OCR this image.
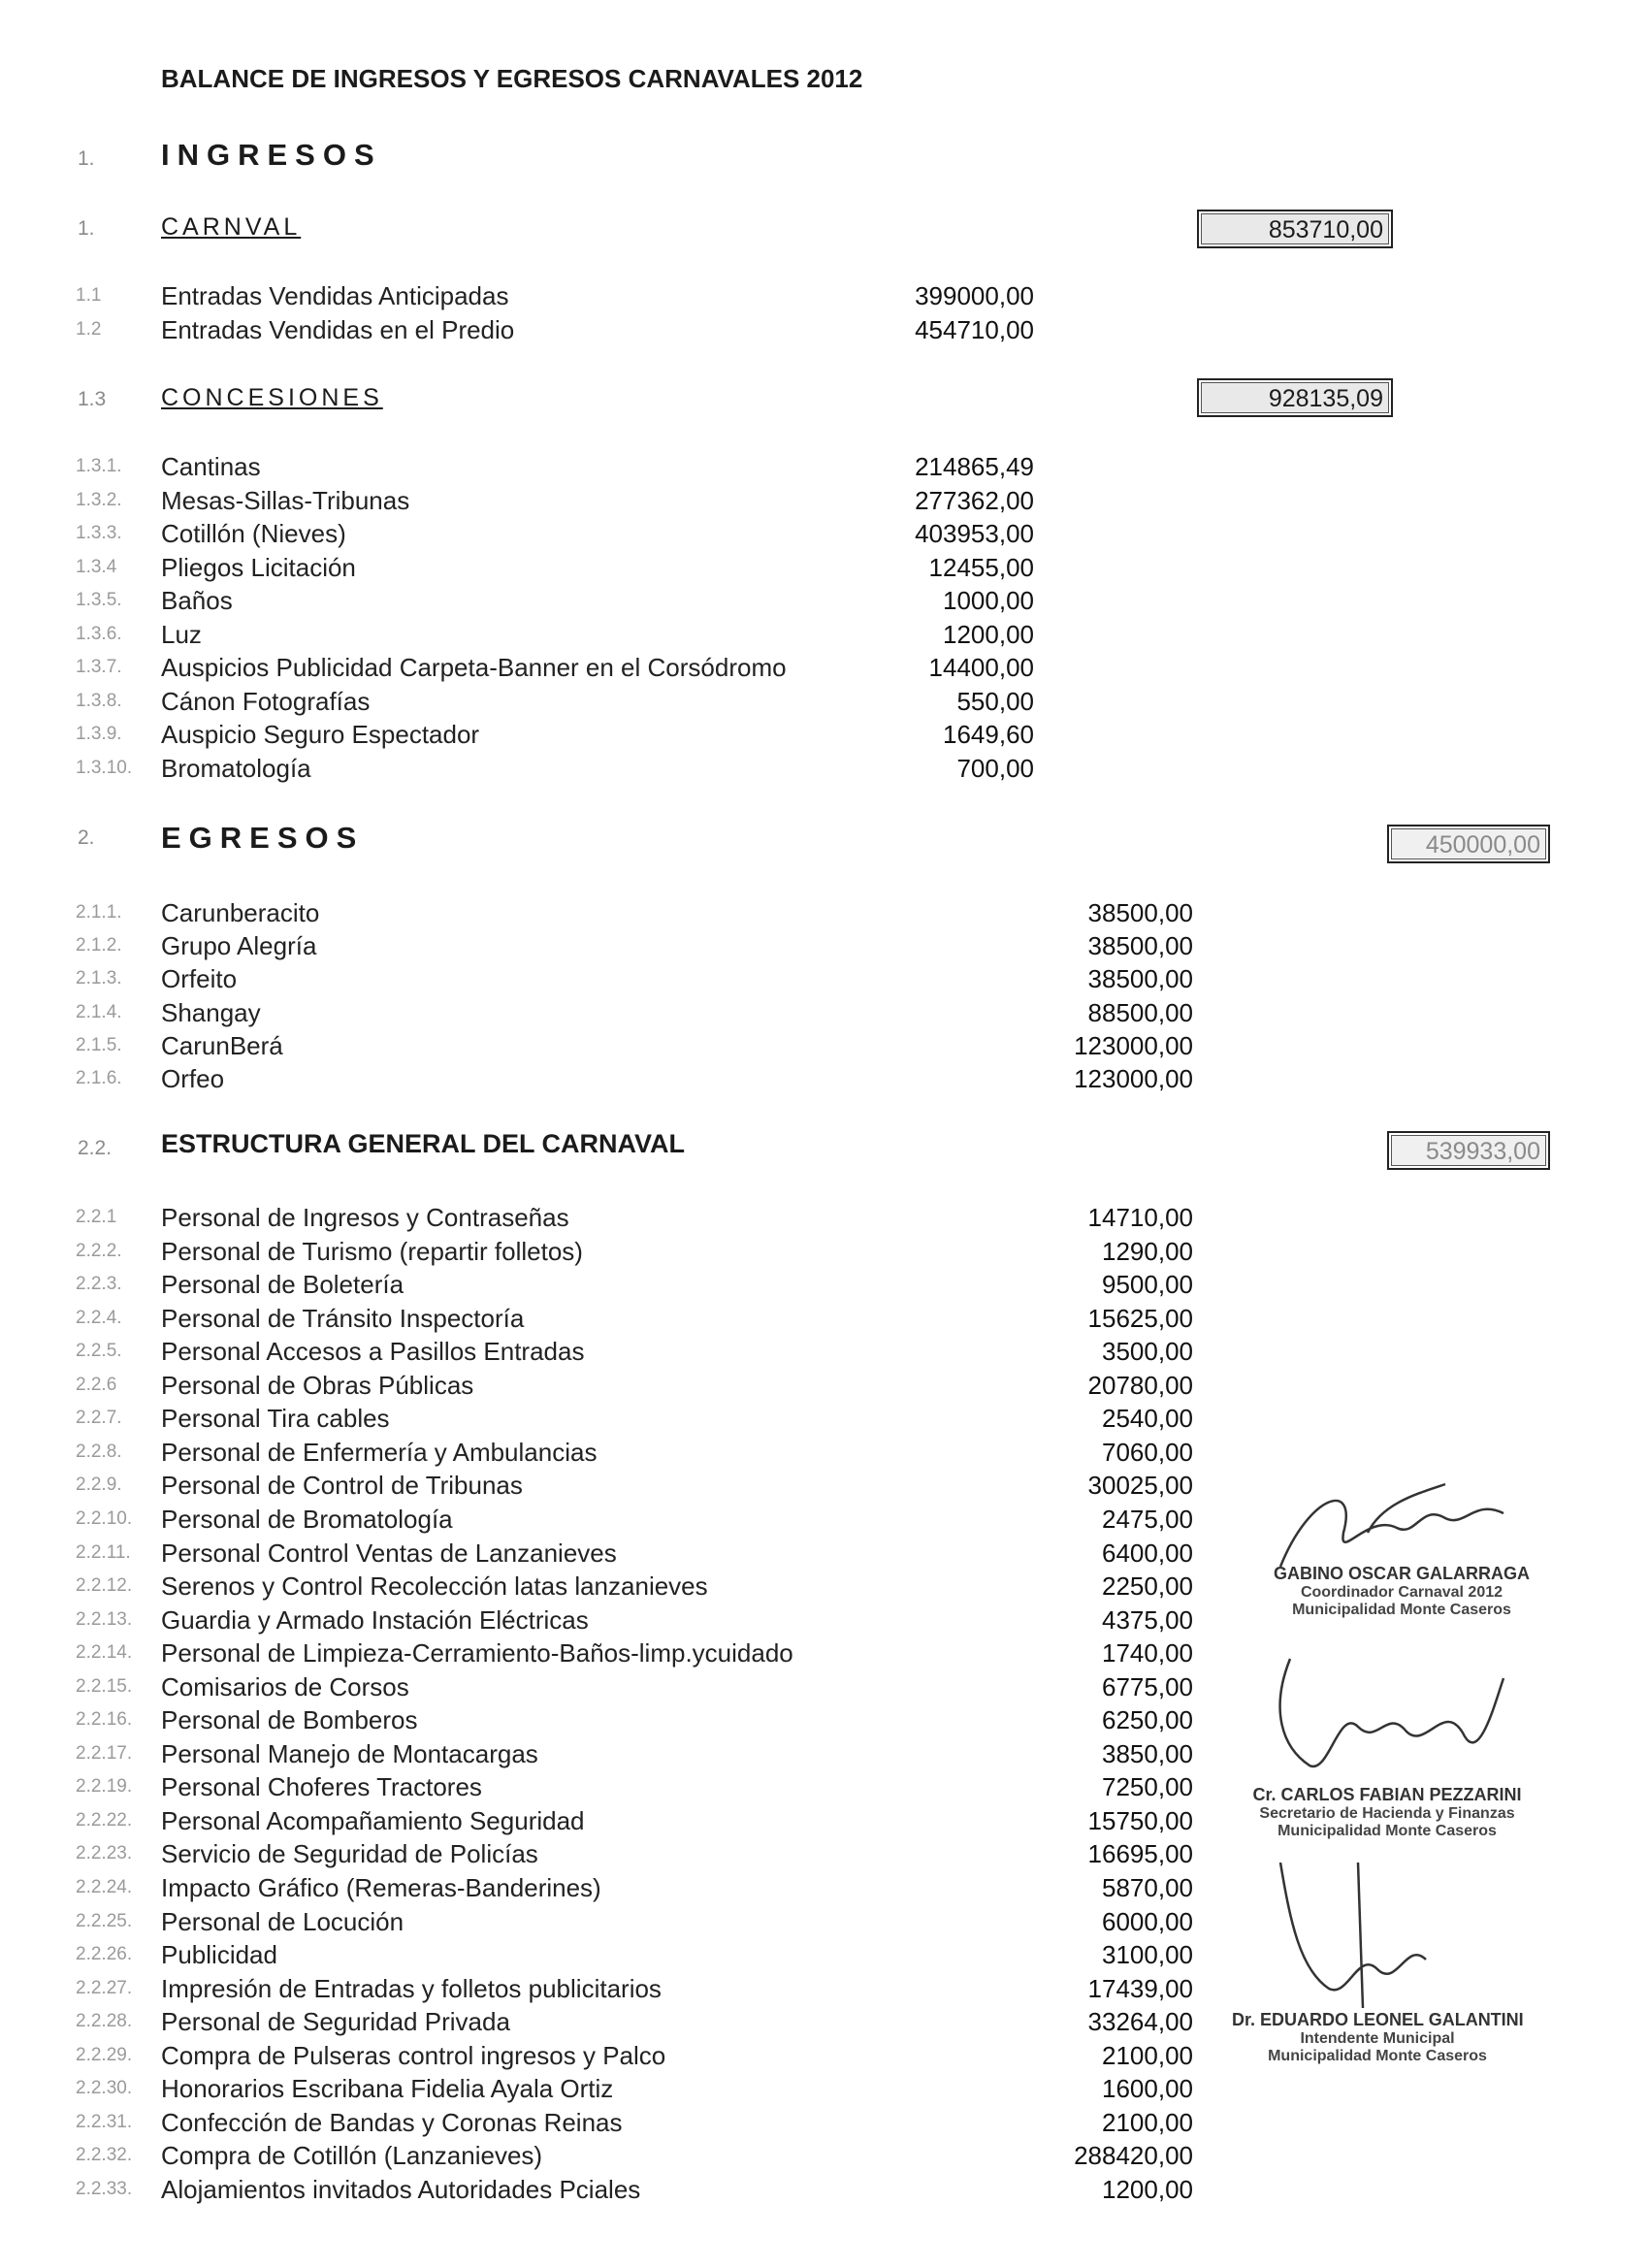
BALANCE DE INGRESOS Y EGRESOS CARNAVALES 2012
1. INGRESOS
1.	CARNVAL	853710,00
1.1 Entradas Vendidas Anticipadas	399000,00
1.2 Entradas Vendidas en el Predio	454710,00
1.3 CONCESIONES	928135,09
1.3.1. Cantinas	214865,49
1.3.2. Mesas-Sillas-Tribunas	277362,00
1.3.3. Cotillón (Nieves)	403953,00
1.3.4 Pliegos Licitación	12455,00
1.3.5. Baños	1000,00
1.3.6. Luz	1200,00
1.3.7. Auspicios Publicidad Carpeta-Banner en el Corsódromo	14400,00
1.3.8. Cánon Fotografías	550,00
1.3.9. Auspicio Seguro Espectador	1649,60
1.3.10. Bromatología	700,00
2. EGRESOS	450000,00
2.1.1. Carunberacito	38500,00
2.1.2. Grupo Alegría	38500,00
2.1.3. Orfeito	38500,00
2.1.4. Shangay	88500,00
2.1.5. CarunBerá	123000,00
2.1.6. Orfeo	123000,00
2.2. ESTRUCTURA GENERAL DEL CARNAVAL	539933,00
2.2.1 Personal de Ingresos y Contraseñas	14710,00
2.2.2. Personal de Turismo (repartir folletos)	1290,00
2.2.3. Personal de Boletería	9500,00
2.2.4. Personal de Tránsito Inspectoría	15625,00
2.2.5. Personal Accesos a Pasillos Entradas	3500,00
2.2.6 Personal de Obras Públicas	20780,00
2.2.7. Personal Tira cables	2540,00
2.2.8. Personal de Enfermería y Ambulancias	7060,00
2.2.9. Personal de Control de Tribunas	30025,00
2.2.10. Personal de Bromatología	2475,00
2.2.11. Personal Control Ventas de Lanzanieves	6400,00
2.2.12. Serenos y Control Recolección latas lanzanieves	2250,00
2.2.13. Guardia y Armado Instación Eléctricas	4375,00
2.2.14. Personal de Limpieza-Cerramiento-Baños-limp.ycuidado	1740,00
2.2.15. Comisarios de Corsos	6775,00
2.2.16. Personal de Bomberos	6250,00
2.2.17. Personal Manejo de Montacargas	3850,00
2.2.19. Personal Choferes Tractores	7250,00
2.2.22. Personal Acompañamiento Seguridad	15750,00
2.2.23. Servicio de Seguridad de Policías	16695,00
2.2.24. Impacto Gráfico (Remeras-Banderines)	5870,00
2.2.25. Personal de Locución	6000,00
2.2.26. Publicidad	3100,00
2.2.27. Impresión de Entradas y folletos publicitarios	17439,00
2.2.28. Personal de Seguridad Privada	33264,00
2.2.29. Compra de Pulseras control ingresos y Palco	2100,00
2.2.30. Honorarios Escribana Fidelia Ayala Ortiz	1600,00
2.2.31. Confección de Bandas y Coronas Reinas	2100,00
2.2.32. Compra de Cotillón (Lanzanieves)	288420,00
2.2.33. Alojamientos invitados Autoridades Pciales	1200,00
GABINO OSCAR GALARRAGA
Coordinador Carnaval 2012
Municipalidad Monte Caseros
Cr. CARLOS FABIAN PEZZARINI
Secretario de Hacienda y Finanzas
Municipalidad Monte Caseros
Dr. EDUARDO LEONEL GALANTINI
Intendente Municipal
Municipalidad Monte Caseros
